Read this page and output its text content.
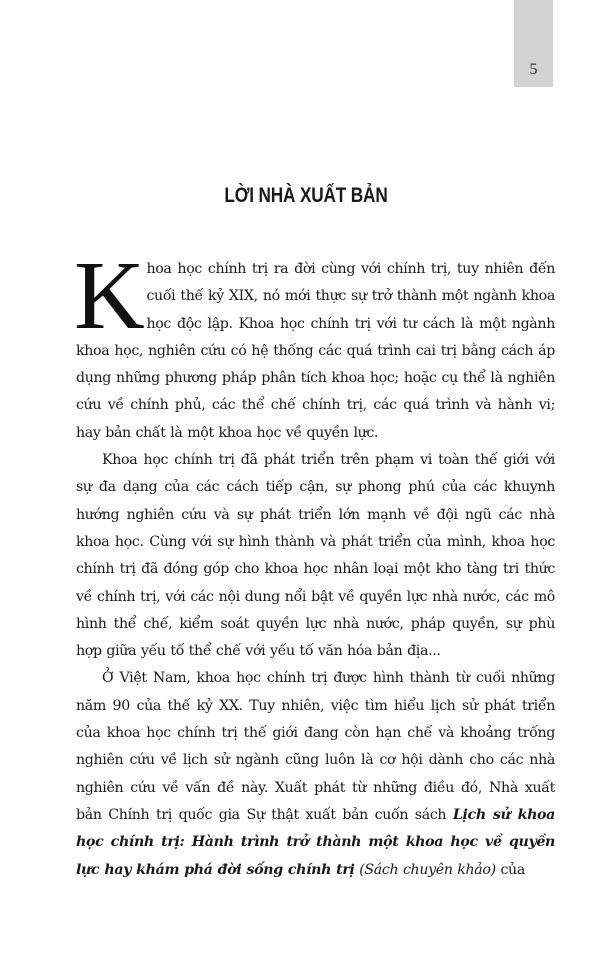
5
LỜI NHÀ XUẤT BẢN

Khoa học chính trị ra đời cùng với chính trị, tuy nhiên đến cuối thế kỷ XIX, nó mới thực sự trở thành một ngành khoa học độc lập. Khoa học chính trị với tư cách là một ngành khoa học, nghiên cứu có hệ thống các quá trình cai trị bằng cách áp dụng những phương pháp phân tích khoa học; hoặc cụ thể là nghiên cứu về chính phủ, các thể chế chính trị, các quá trình và hành vi; hay bản chất là một khoa học về quyền lực.

Khoa học chính trị đã phát triển trên phạm vi toàn thế giới với sự đa dạng của các cách tiếp cận, sự phong phú của các khuynh hướng nghiên cứu và sự phát triển lớn mạnh về đội ngũ các nhà khoa học. Cùng với sự hình thành và phát triển của mình, khoa học chính trị đã đóng góp cho khoa học nhân loại một kho tàng tri thức về chính trị, với các nội dung nổi bật về quyền lực nhà nước, các mô hình thể chế, kiểm soát quyền lực nhà nước, pháp quyền, sự phù hợp giữa yếu tố thể chế với yếu tố văn hóa bản địa...

Ở Việt Nam, khoa học chính trị được hình thành từ cuối những năm 90 của thế kỷ XX. Tuy nhiên, việc tìm hiểu lịch sử phát triển của khoa học chính trị thế giới đang còn hạn chế và khoảng trống nghiên cứu về lịch sử ngành cũng luôn là cơ hội dành cho các nhà nghiên cứu về vấn đề này. Xuất phát từ những điều đó, Nhà xuất bản Chính trị quốc gia Sự thật xuất bản cuốn sách Lịch sử khoa học chính trị: Hành trình trở thành một khoa học về quyền lực hay khám phá đời sống chính trị (Sách chuyên khảo) của
